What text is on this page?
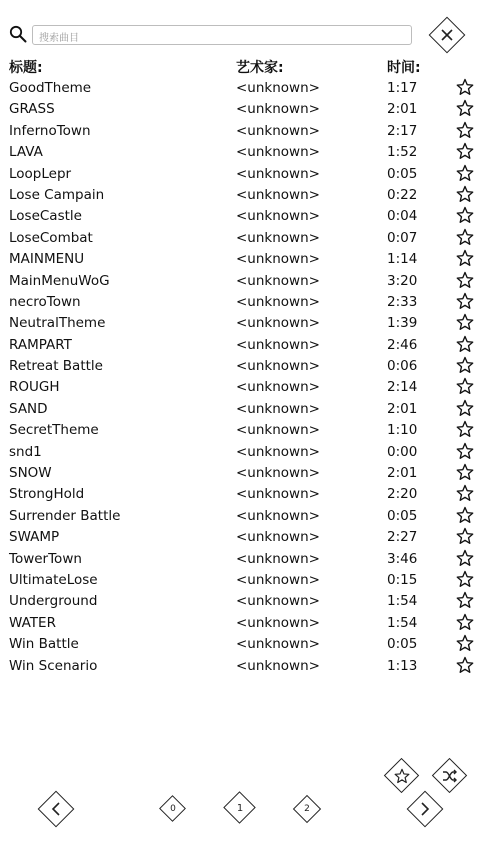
搜索曲目
标题:	艺术家:	时间:
GoodTheme	<unknown>	1:17
GRASS	<unknown>	2:01
InfernoTown	<unknown>	2:17
LAVA	<unknown>	1:52
LoopLepr	<unknown>	0:05
Lose Campain	<unknown>	0:22
LoseCastle	<unknown>	0:04
LoseCombat	<unknown>	0:07
MAINMENU	<unknown>	1:14
MainMenuWoG	<unknown>	3:20
necroTown	<unknown>	2:33
NeutralTheme	<unknown>	1:39
RAMPART	<unknown>	2:46
Retreat Battle	<unknown>	0:06
ROUGH	<unknown>	2:14
SAND	<unknown>	2:01
SecretTheme	<unknown>	1:10
snd1	<unknown>	0:00
SNOW	<unknown>	2:01
StrongHold	<unknown>	2:20
Surrender Battle	<unknown>	0:05
SWAMP	<unknown>	2:27
TowerTown	<unknown>	3:46
UltimateLose	<unknown>	0:15
Underground	<unknown>	1:54
WATER	<unknown>	1:54
Win Battle	<unknown>	0:05
Win Scenario	<unknown>	1:13
0	1	2
